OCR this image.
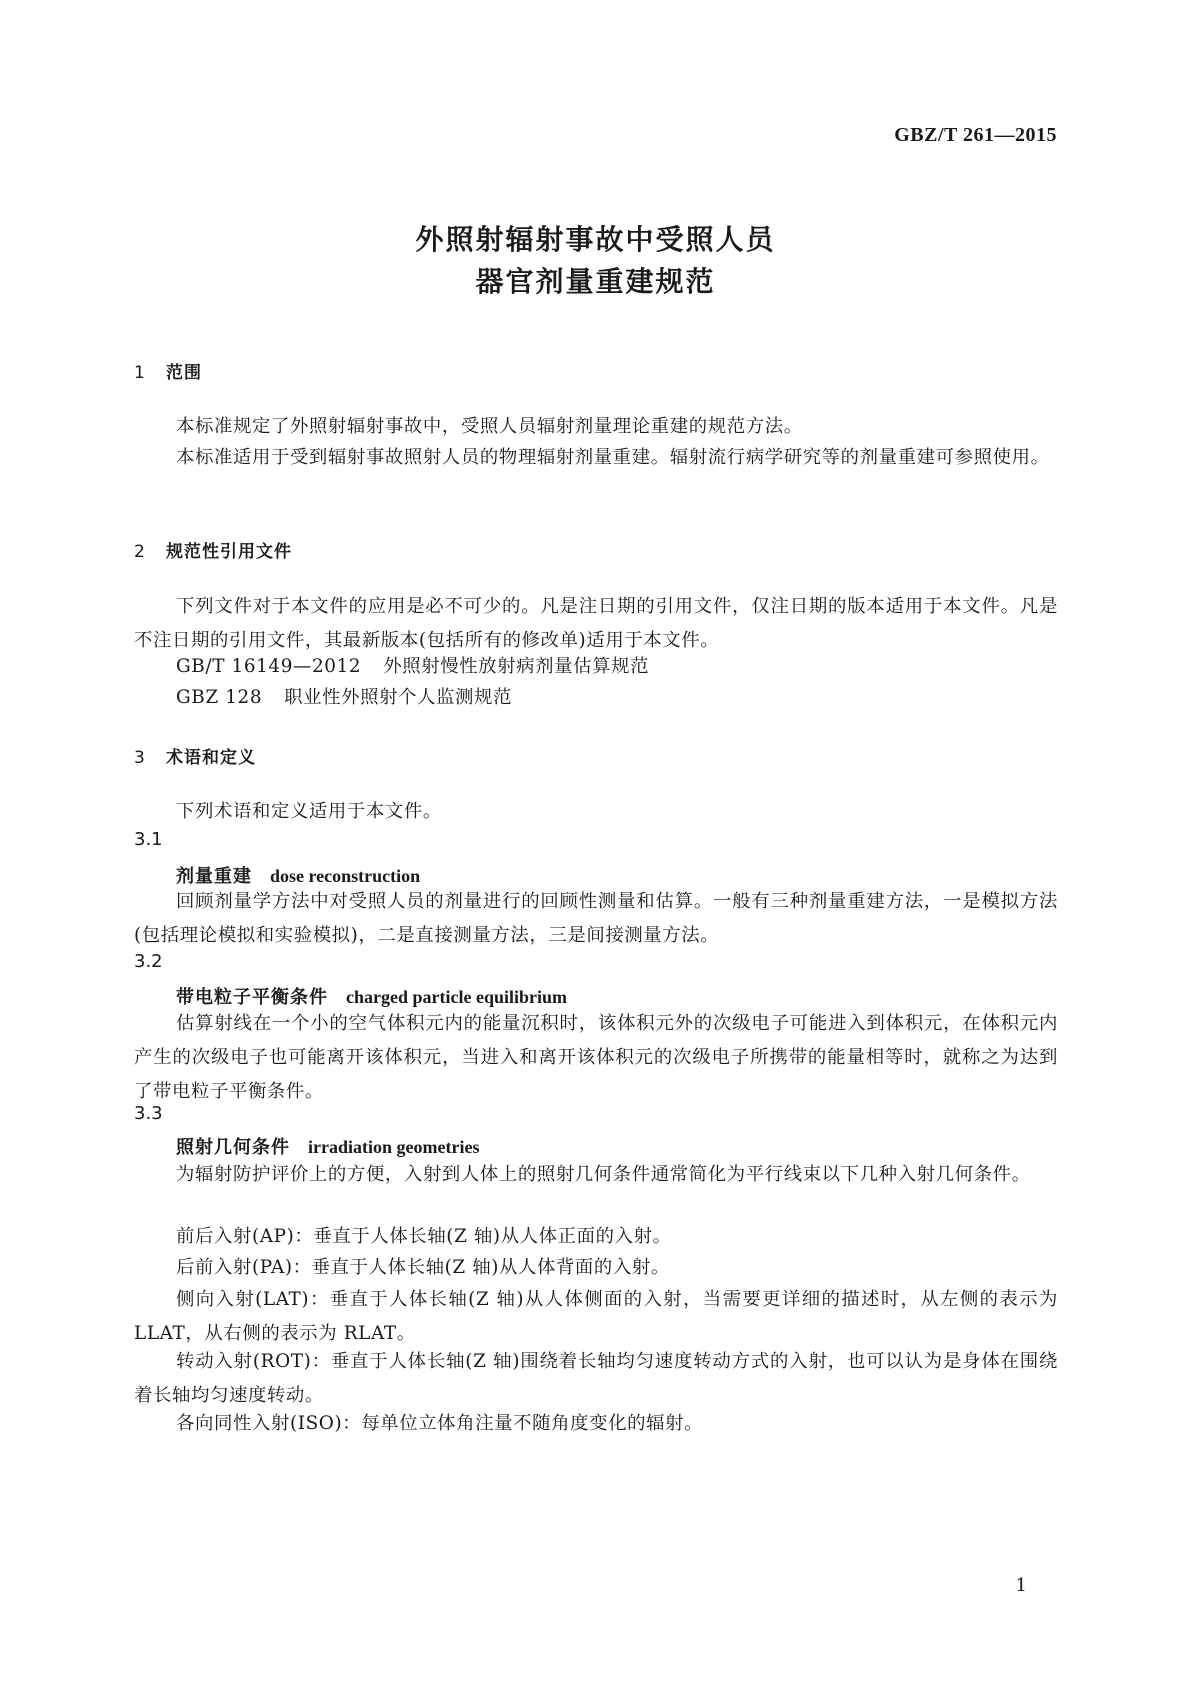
GBZ/T 261—2015
外照射辐射事故中受照人员
器官剂量重建规范
1 范围
本标准规定了外照射辐射事故中，受照人员辐射剂量理论重建的规范方法。
本标准适用于受到辐射事故照射人员的物理辐射剂量重建。辐射流行病学研究等的剂量重建可参照使用。
2 规范性引用文件
下列文件对于本文件的应用是必不可少的。凡是注日期的引用文件，仅注日期的版本适用于本文件。凡是不注日期的引用文件，其最新版本(包括所有的修改单)适用于本文件。
GB/T 16149—2012 外照射慢性放射病剂量估算规范
GBZ 128 职业性外照射个人监测规范
3 术语和定义
下列术语和定义适用于本文件。
3.1
剂量重建 dose reconstruction
回顾剂量学方法中对受照人员的剂量进行的回顾性测量和估算。一般有三种剂量重建方法，一是模拟方法(包括理论模拟和实验模拟)，二是直接测量方法，三是间接测量方法。
3.2
带电粒子平衡条件 charged particle equilibrium
估算射线在一个小的空气体积元内的能量沉积时，该体积元外的次级电子可能进入到体积元，在体积元内产生的次级电子也可能离开该体积元，当进入和离开该体积元的次级电子所携带的能量相等时，就称之为达到了带电粒子平衡条件。
3.3
照射几何条件 irradiation geometries
为辐射防护评价上的方便，入射到人体上的照射几何条件通常简化为平行线束以下几种入射几何条件。
前后入射(AP)：垂直于人体长轴(Z 轴)从人体正面的入射。
后前入射(PA)：垂直于人体长轴(Z 轴)从人体背面的入射。
侧向入射(LAT)：垂直于人体长轴(Z 轴)从人体侧面的入射，当需要更详细的描述时，从左侧的表示为 LLAT，从右侧的表示为 RLAT。
转动入射(ROT)：垂直于人体长轴(Z 轴)围绕着长轴均匀速度转动方式的入射，也可以认为是身体在围绕着长轴均匀速度转动。
各向同性入射(ISO)：每单位立体角注量不随角度变化的辐射。
1
